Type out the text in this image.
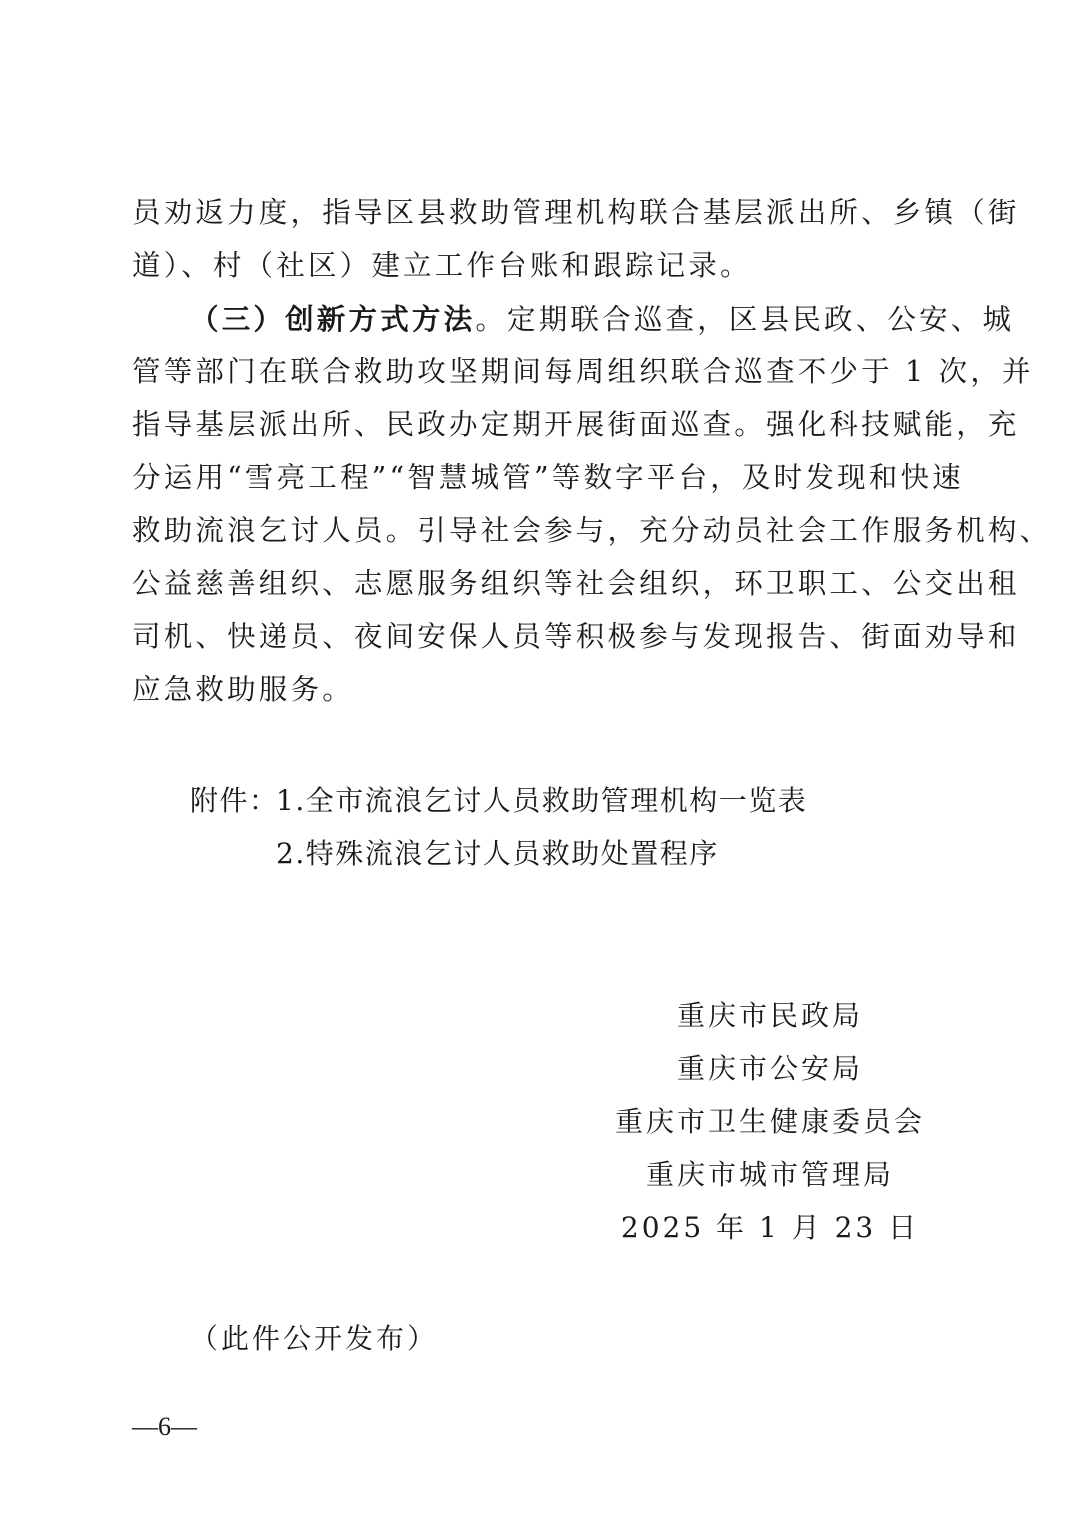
员劝返力度，指导区县救助管理机构联合基层派出所、乡镇（街
道）、村（社区）建立工作台账和跟踪记录。
（三）创新方式方法。定期联合巡查，区县民政、公安、城
管等部门在联合救助攻坚期间每周组织联合巡查不少于 1 次，并
指导基层派出所、民政办定期开展街面巡查。强化科技赋能，充
分运用“雪亮工程”“智慧城管”等数字平台，及时发现和快速
救助流浪乞讨人员。引导社会参与，充分动员社会工作服务机构、
公益慈善组织、志愿服务组织等社会组织，环卫职工、公交出租
司机、快递员、夜间安保人员等积极参与发现报告、街面劝导和
应急救助服务。
附件：
1.全市流浪乞讨人员救助管理机构一览表
2.特殊流浪乞讨人员救助处置程序
重庆市民政局
重庆市公安局
重庆市卫生健康委员会
重庆市城市管理局
2025 年 1 月 23 日
（此件公开发布）
—6—
